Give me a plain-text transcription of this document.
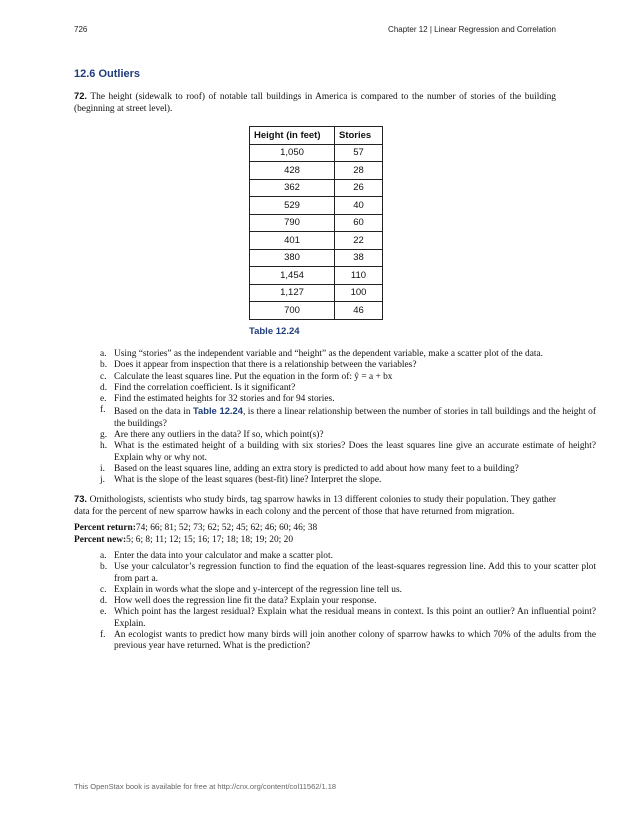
726	Chapter 12 | Linear Regression and Correlation
12.6 Outliers
72. The height (sidewalk to roof) of notable tall buildings in America is compared to the number of stories of the building (beginning at street level).
Height (in feet)	Stories
1,050	57
428	28
362	26
529	40
790	60
401	22
380	38
1,454	110
1,127	100
700	46
Table 12.24
a. Using “stories” as the independent variable and “height” as the dependent variable, make a scatter plot of the data.
b. Does it appear from inspection that there is a relationship between the variables?
c. Calculate the least squares line. Put the equation in the form of: ŷ = a + bx
d. Find the correlation coefficient. Is it significant?
e. Find the estimated heights for 32 stories and for 94 stories.
f. Based on the data in Table 12.24, is there a linear relationship between the number of stories in tall buildings and the height of the buildings?
g. Are there any outliers in the data? If so, which point(s)?
h. What is the estimated height of a building with six stories? Does the least squares line give an accurate estimate of height? Explain why or why not.
i. Based on the least squares line, adding an extra story is predicted to add about how many feet to a building?
j. What is the slope of the least squares (best-fit) line? Interpret the slope.
73. Ornithologists, scientists who study birds, tag sparrow hawks in 13 different colonies to study their population. They gather data for the percent of new sparrow hawks in each colony and the percent of those that have returned from migration.
Percent return:74; 66; 81; 52; 73; 62; 52; 45; 62; 46; 60; 46; 38
Percent new:5; 6; 8; 11; 12; 15; 16; 17; 18; 18; 19; 20; 20
a. Enter the data into your calculator and make a scatter plot.
b. Use your calculator’s regression function to find the equation of the least-squares regression line. Add this to your scatter plot from part a.
c. Explain in words what the slope and y-intercept of the regression line tell us.
d. How well does the regression line fit the data? Explain your response.
e. Which point has the largest residual? Explain what the residual means in context. Is this point an outlier? An influential point? Explain.
f. An ecologist wants to predict how many birds will join another colony of sparrow hawks to which 70% of the adults from the previous year have returned. What is the prediction?
This OpenStax book is available for free at http://cnx.org/content/col11562/1.18
